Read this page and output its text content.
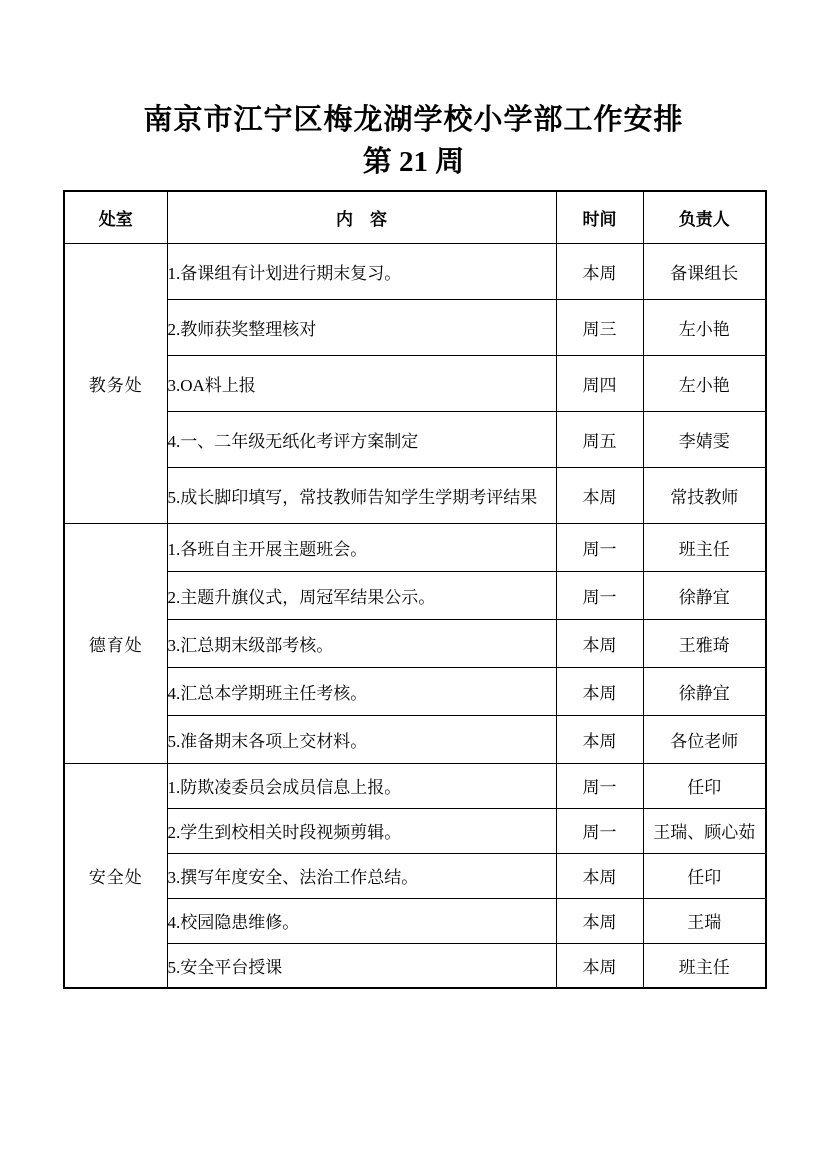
南京市江宁区梅龙湖学校小学部工作安排
第 21 周
处室	内　容	时间	负责人
教务处	1.备课组有计划进行期末复习。	本周	备课组长
	2.教师获奖整理核对	周三	左小艳
	3.OA料上报	周四	左小艳
	4.一、二年级无纸化考评方案制定	周五	李婧雯
	5.成长脚印填写，常技教师告知学生学期考评结果	本周	常技教师
德育处	1.各班自主开展主题班会。	周一	班主任
	2.主题升旗仪式，周冠军结果公示。	周一	徐静宜
	3.汇总期末级部考核。	本周	王雅琦
	4.汇总本学期班主任考核。	本周	徐静宜
	5.准备期末各项上交材料。	本周	各位老师
安全处	1.防欺凌委员会成员信息上报。	周一	任印
	2.学生到校相关时段视频剪辑。	周一	王瑞、顾心茹
	3.撰写年度安全、法治工作总结。	本周	任印
	4.校园隐患维修。	本周	王瑞
	5.安全平台授课	本周	班主任
